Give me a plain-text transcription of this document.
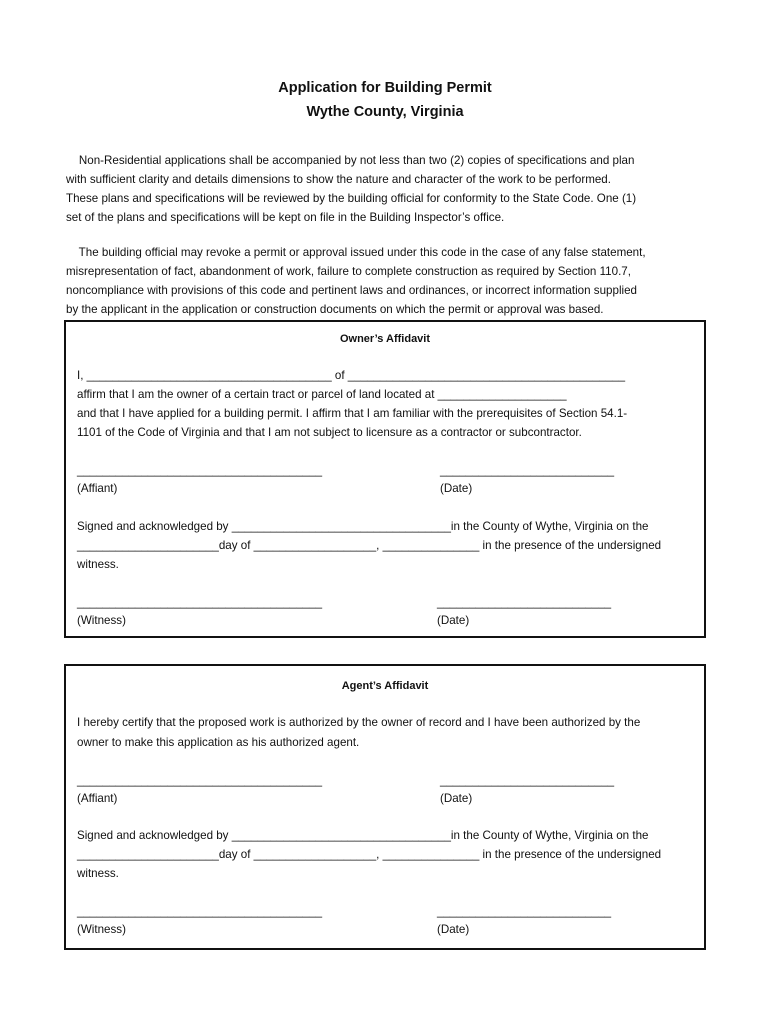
Application for Building Permit
Wythe County, Virginia
Non-Residential applications shall be accompanied by not less than two (2) copies of specifications and plan
with sufficient clarity and details dimensions to show the nature and character of the work to be performed.
These plans and specifications will be reviewed by the building official for conformity to the State Code. One (1)
set of the plans and specifications will be kept on file in the Building Inspector’s office.
The building official may revoke a permit or approval issued under this code in the case of any false statement,
misrepresentation of fact, abandonment of work, failure to complete construction as required by Section 110.7,
noncompliance with provisions of this code and pertinent laws and ordinances, or incorrect information supplied
by the applicant in the application or construction documents on which the permit or approval was based.
Owner’s Affidavit
I, ______________________________________ of ___________________________________________
affirm that I am the owner of a certain tract or parcel of land located at ____________________
and that I have applied for a building permit. I affirm that I am familiar with the prerequisites of Section 54.1-
1101 of the Code of Virginia and that I am not subject to licensure as a contractor or subcontractor.
______________________________________	___________________________
(Affiant)	(Date)
Signed and acknowledged by __________________________________in the County of Wythe, Virginia on the
______________________day of ___________________, _______________ in the presence of the undersigned
witness.
______________________________________	___________________________
(Witness)	(Date)
Agent’s Affidavit
I hereby certify that the proposed work is authorized by the owner of record and I have been authorized by the
owner to make this application as his authorized agent.
______________________________________	___________________________
(Affiant)	(Date)
Signed and acknowledged by __________________________________in the County of Wythe, Virginia on the
______________________day of ___________________, _______________ in the presence of the undersigned
witness.
______________________________________	___________________________
(Witness)	(Date)
